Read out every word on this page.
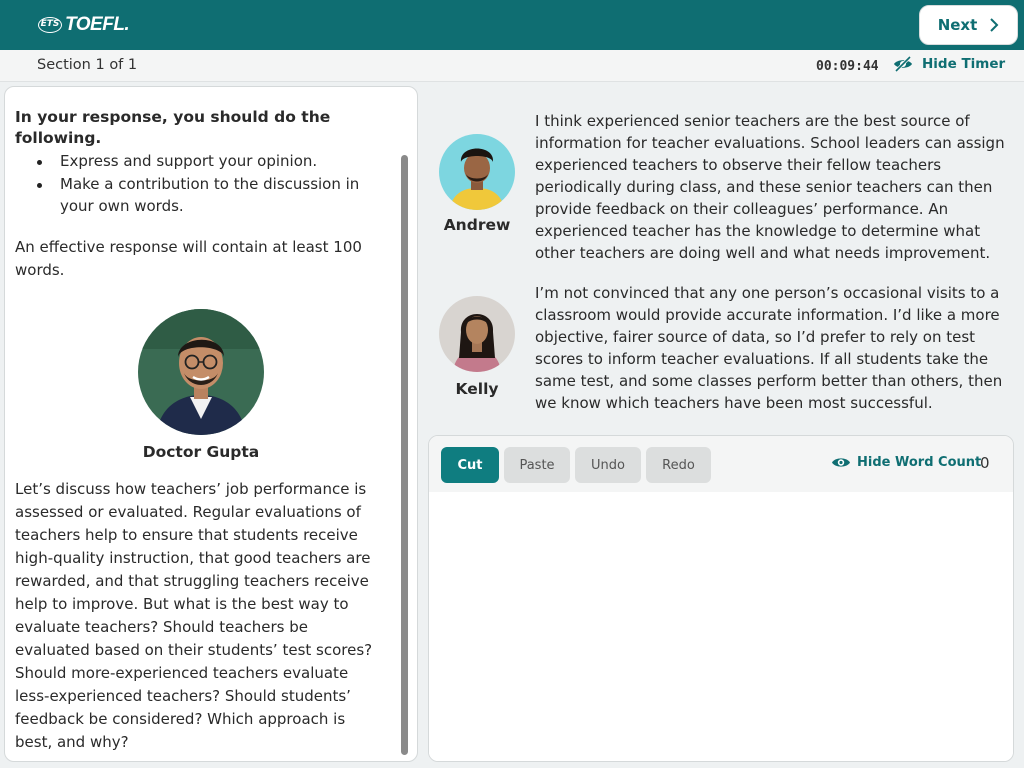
ETS TOEFL.	Next
Section 1 of 1	00:09:44	Hide Timer
In your response, you should do the following.
Express and support your opinion.
Make a contribution to the discussion in your own words.
An effective response will contain at least 100 words.
Doctor Gupta
Let’s discuss how teachers’ job performance is assessed or evaluated. Regular evaluations of teachers help to ensure that students receive high-quality instruction, that good teachers are rewarded, and that struggling teachers receive help to improve. But what is the best way to evaluate teachers? Should teachers be evaluated based on their students’ test scores? Should more-experienced teachers evaluate less-experienced teachers? Should students’ feedback be considered? Which approach is best, and why?
Andrew
I think experienced senior teachers are the best source of information for teacher evaluations. School leaders can assign experienced teachers to observe their fellow teachers periodically during class, and these senior teachers can then provide feedback on their colleagues’ performance. An experienced teacher has the knowledge to determine what other teachers are doing well and what needs improvement.
Kelly
I’m not convinced that any one person’s occasional visits to a classroom would provide accurate information. I’d like a more objective, fairer source of data, so I’d prefer to rely on test scores to inform teacher evaluations. If all students take the same test, and some classes perform better than others, then we know which teachers have been most successful.
Cut	Paste	Undo	Redo	Hide Word Count
0
